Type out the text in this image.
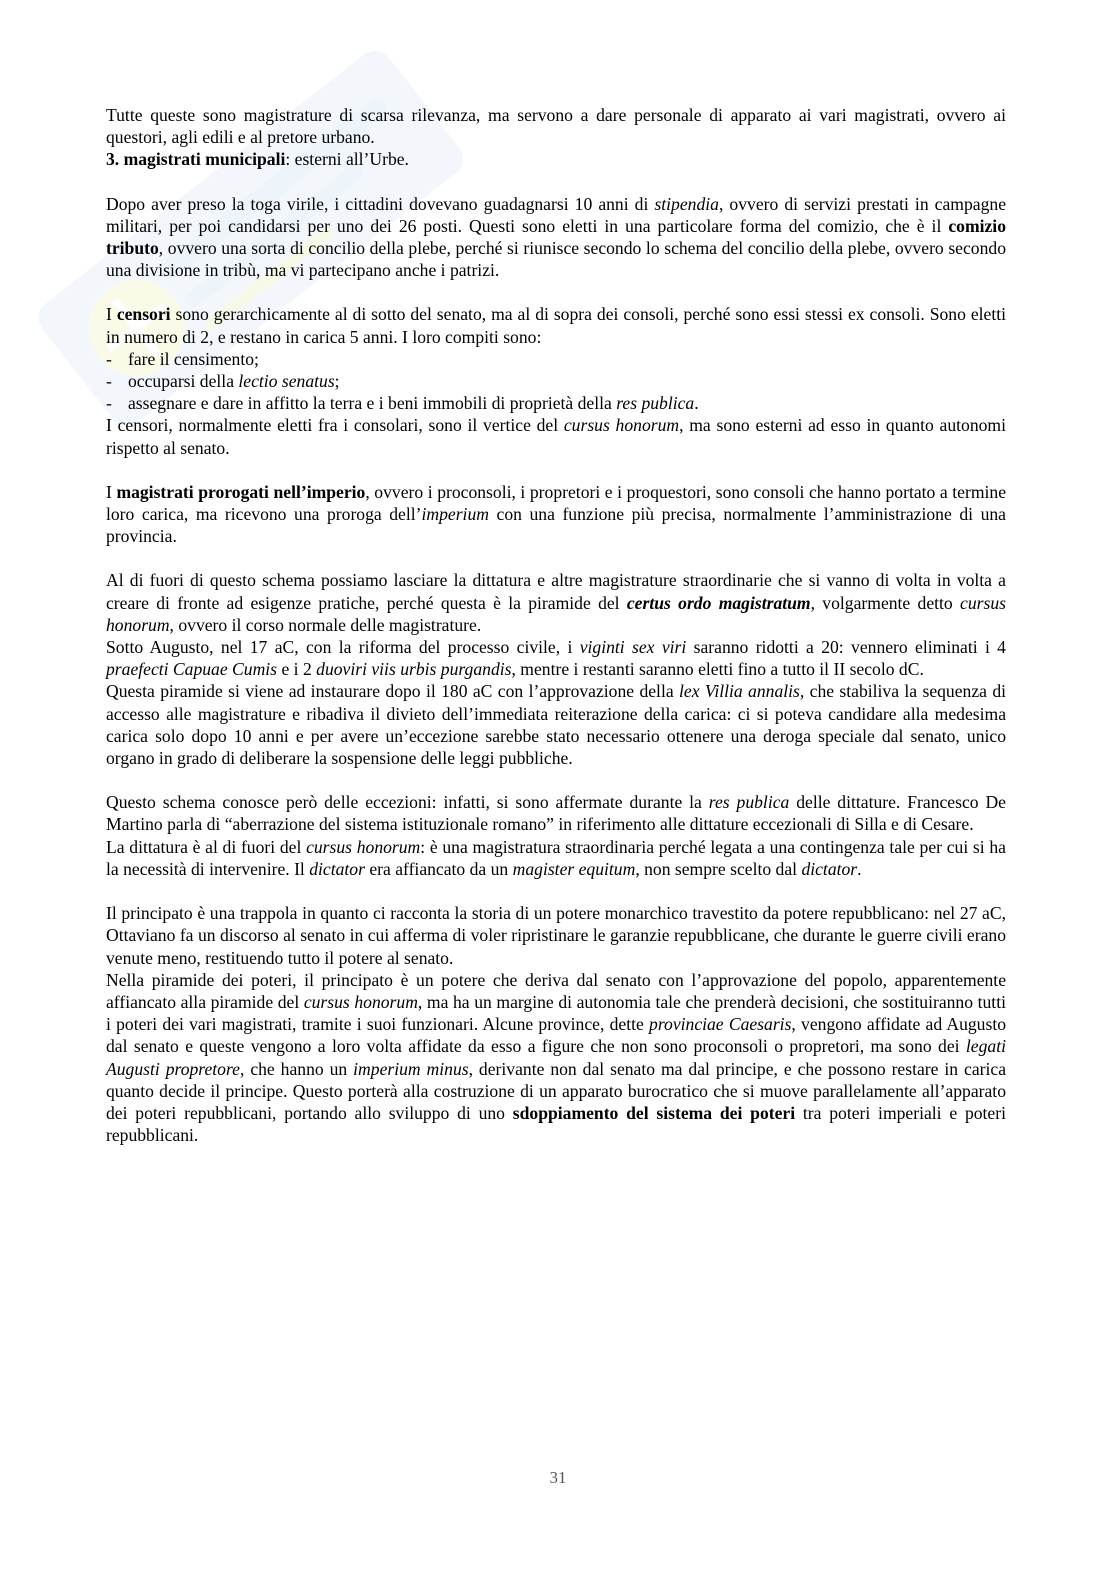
Tutte queste sono magistrature di scarsa rilevanza, ma servono a dare personale di apparato ai vari magistrati, ovvero ai questori, agli edili e al pretore urbano.

3. magistrati municipali: esterni all’Urbe.

Dopo aver preso la toga virile, i cittadini dovevano guadagnarsi 10 anni di stipendia, ovvero di servizi prestati in campagne militari, per poi candidarsi per uno dei 26 posti. Questi sono eletti in una particolare forma del comizio, che è il comizio tributo, ovvero una sorta di concilio della plebe, perché si riunisce secondo lo schema del concilio della plebe, ovvero secondo una divisione in tribù, ma vi partecipano anche i patrizi.

I censori sono gerarchicamente al di sotto del senato, ma al di sopra dei consoli, perché sono essi stessi ex consoli. Sono eletti in numero di 2, e restano in carica 5 anni. I loro compiti sono:

- fare il censimento;
- occuparsi della lectio senatus;
- assegnare e dare in affitto la terra e i beni immobili di proprietà della res publica.

I censori, normalmente eletti fra i consolari, sono il vertice del cursus honorum, ma sono esterni ad esso in quanto autonomi rispetto al senato.

I magistrati prorogati nell’imperio, ovvero i proconsoli, i propretori e i proquestori, sono consoli che hanno portato a termine loro carica, ma ricevono una proroga dell’imperium con una funzione più precisa, normalmente l’amministrazione di una provincia.

Al di fuori di questo schema possiamo lasciare la dittatura e altre magistrature straordinarie che si vanno di volta in volta a creare di fronte ad esigenze pratiche, perché questa è la piramide del certus ordo magistratum, volgarmente detto cursus honorum, ovvero il corso normale delle magistrature.

Sotto Augusto, nel 17 aC, con la riforma del processo civile, i viginti sex viri saranno ridotti a 20: vennero eliminati i 4 praefecti Capuae Cumis e i 2 duoviri viis urbis purgandis, mentre i restanti saranno eletti fino a tutto il II secolo dC.

Questa piramide si viene ad instaurare dopo il 180 aC con l’approvazione della lex Villia annalis, che stabiliva la sequenza di accesso alle magistrature e ribadiva il divieto dell’immediata reiterazione della carica: ci si poteva candidare alla medesima carica solo dopo 10 anni e per avere un’eccezione sarebbe stato necessario ottenere una deroga speciale dal senato, unico organo in grado di deliberare la sospensione delle leggi pubbliche.

Questo schema conosce però delle eccezioni: infatti, si sono affermate durante la res publica delle dittature. Francesco De Martino parla di “aberrazione del sistema istituzionale romano” in riferimento alle dittature eccezionali di Silla e di Cesare.

La dittatura è al di fuori del cursus honorum: è una magistratura straordinaria perché legata a una contingenza tale per cui si ha la necessità di intervenire. Il dictator era affiancato da un magister equitum, non sempre scelto dal dictator.

Il principato è una trappola in quanto ci racconta la storia di un potere monarchico travestito da potere repubblicano: nel 27 aC, Ottaviano fa un discorso al senato in cui afferma di voler ripristinare le garanzie repubblicane, che durante le guerre civili erano venute meno, restituendo tutto il potere al senato.

Nella piramide dei poteri, il principato è un potere che deriva dal senato con l’approvazione del popolo, apparentemente affiancato alla piramide del cursus honorum, ma ha un margine di autonomia tale che prenderà decisioni, che sostituiranno tutti i poteri dei vari magistrati, tramite i suoi funzionari. Alcune province, dette provinciae Caesaris, vengono affidate ad Augusto dal senato e queste vengono a loro volta affidate da esso a figure che non sono proconsoli o propretori, ma sono dei legati Augusti propretore, che hanno un imperium minus, derivante non dal senato ma dal principe, e che possono restare in carica quanto decide il principe. Questo porterà alla costruzione di un apparato burocratico che si muove parallelamente all’apparato dei poteri repubblicani, portando allo sviluppo di uno sdoppiamento del sistema dei poteri tra poteri imperiali e poteri repubblicani.

31
